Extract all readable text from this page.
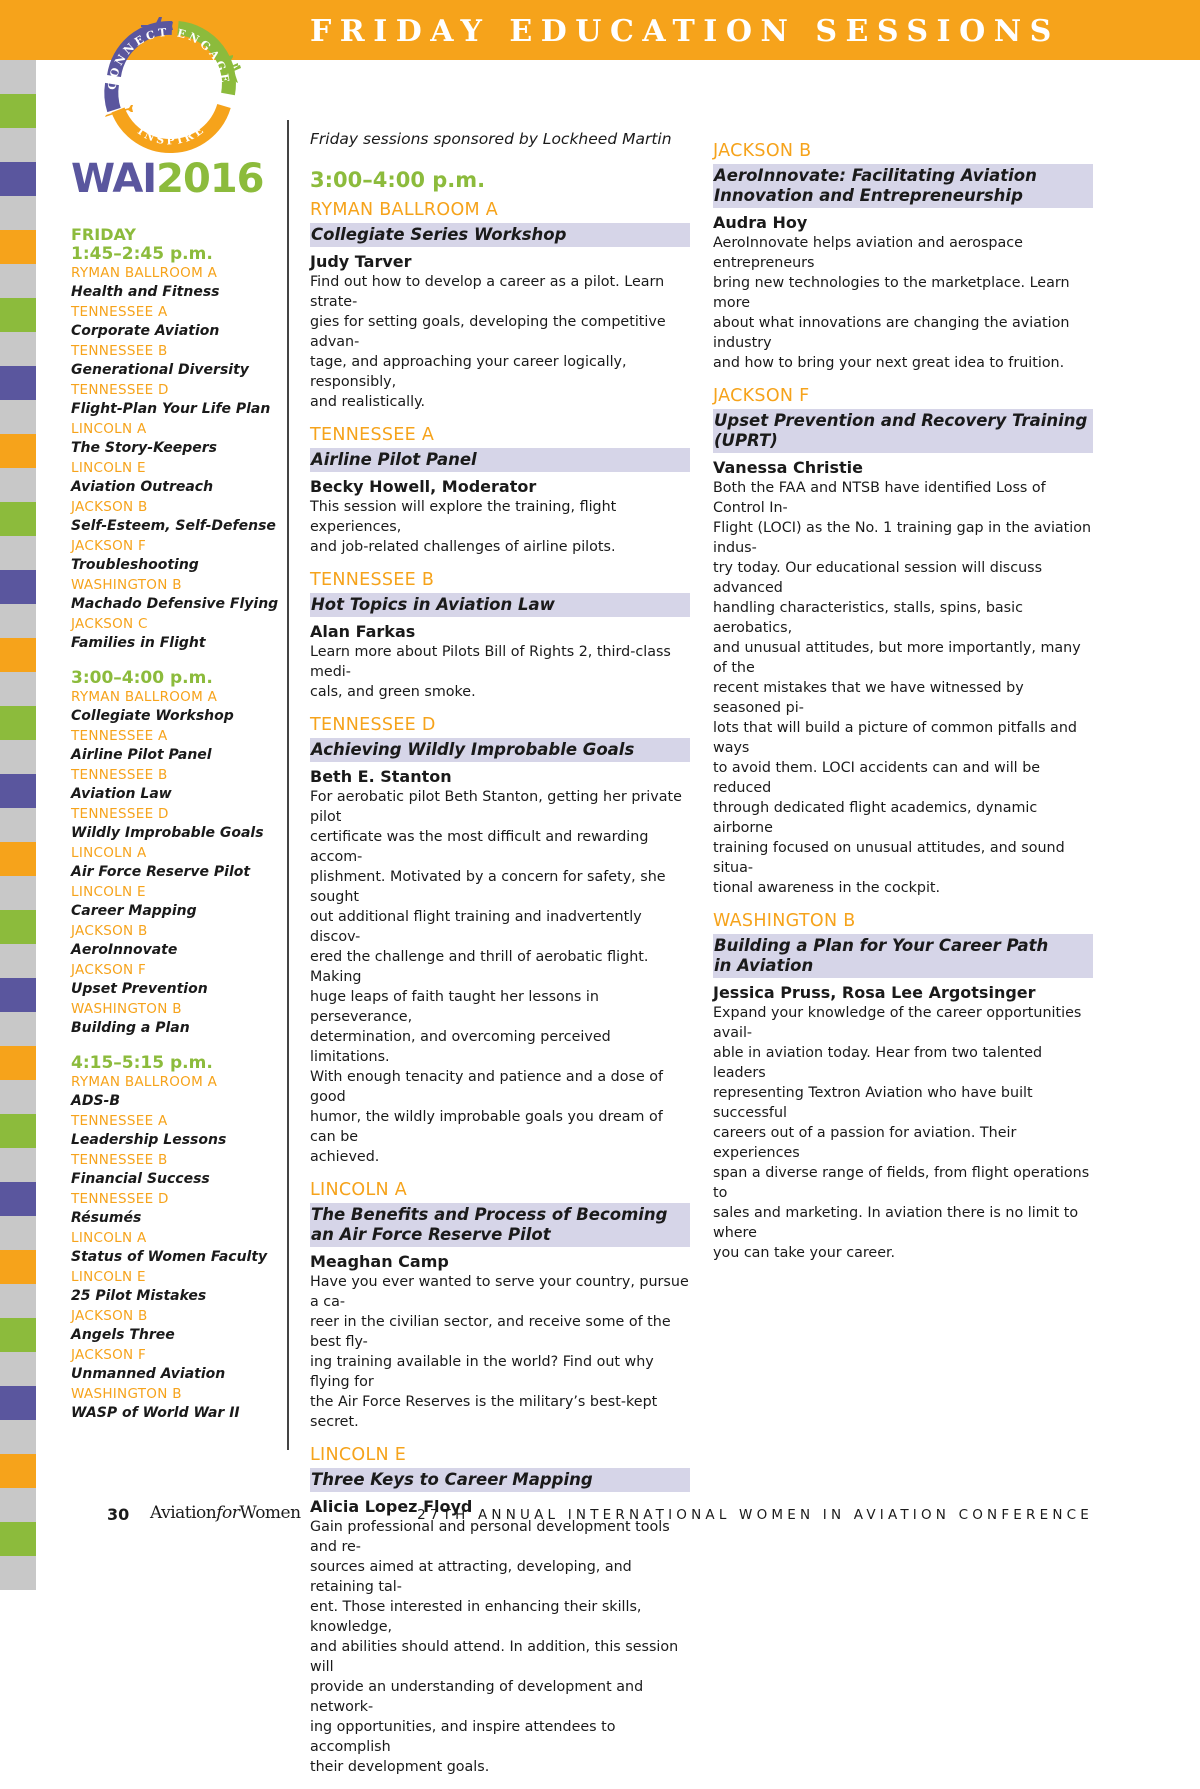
FRIDAY EDUCATION SESSIONS
CONNECT ENGAGE
INSPIRE
WAI2016
FRIDAY
1:45–2:45 p.m.
RYMAN BALLROOM A
Health and Fitness
TENNESSEE A
Corporate Aviation
TENNESSEE B
Generational Diversity
TENNESSEE D
Flight-Plan Your Life Plan
LINCOLN A
The Story-Keepers
LINCOLN E
Aviation Outreach
JACKSON B
Self-Esteem, Self-Defense
JACKSON F
Troubleshooting
WASHINGTON B
Machado Defensive Flying
JACKSON C
Families in Flight
3:00–4:00 p.m.
RYMAN BALLROOM A
Collegiate Workshop
TENNESSEE A
Airline Pilot Panel
TENNESSEE B
Aviation Law
TENNESSEE D
Wildly Improbable Goals
LINCOLN A
Air Force Reserve Pilot
LINCOLN E
Career Mapping
JACKSON B
AeroInnovate
JACKSON F
Upset Prevention
WASHINGTON B
Building a Plan
4:15–5:15 p.m.
RYMAN BALLROOM A
ADS-B
TENNESSEE A
Leadership Lessons
TENNESSEE B
Financial Success
TENNESSEE D
Résumés
LINCOLN A
Status of Women Faculty
LINCOLN E
25 Pilot Mistakes
JACKSON B
Angels Three
JACKSON F
Unmanned Aviation
WASHINGTON B
WASP of World War II
Friday sessions sponsored by Lockheed Martin
3:00–4:00 p.m.
RYMAN BALLROOM A
Collegiate Series Workshop
Judy Tarver
Find out how to develop a career as a pilot. Learn strate-
gies for setting goals, developing the competitive advan-
tage, and approaching your career logically, responsibly,
and realistically.
TENNESSEE A
Airline Pilot Panel
Becky Howell, Moderator
This session will explore the training, flight experiences,
and job-related challenges of airline pilots.
TENNESSEE B
Hot Topics in Aviation Law
Alan Farkas
Learn more about Pilots Bill of Rights 2, third-class medi-
cals, and green smoke.
TENNESSEE D
Achieving Wildly Improbable Goals
Beth E. Stanton
For aerobatic pilot Beth Stanton, getting her private pilot
certificate was the most difficult and rewarding accom-
plishment. Motivated by a concern for safety, she sought
out additional flight training and inadvertently discov-
ered the challenge and thrill of aerobatic flight. Making
huge leaps of faith taught her lessons in perseverance,
determination, and overcoming perceived limitations.
With enough tenacity and patience and a dose of good
humor, the wildly improbable goals you dream of can be
achieved.
LINCOLN A
The Benefits and Process of Becoming
an Air Force Reserve Pilot
Meaghan Camp
Have you ever wanted to serve your country, pursue a ca-
reer in the civilian sector, and receive some of the best fly-
ing training available in the world? Find out why flying for
the Air Force Reserves is the military’s best-kept secret.
LINCOLN E
Three Keys to Career Mapping
Alicia Lopez Floyd
Gain professional and personal development tools and re-
sources aimed at attracting, developing, and retaining tal-
ent. Those interested in enhancing their skills, knowledge,
and abilities should attend. In addition, this session will
provide an understanding of development and network-
ing opportunities, and inspire attendees to accomplish
their development goals.
JACKSON B
AeroInnovate: Facilitating Aviation
Innovation and Entrepreneurship
Audra Hoy
AeroInnovate helps aviation and aerospace entrepreneurs
bring new technologies to the marketplace. Learn more
about what innovations are changing the aviation industry
and how to bring your next great idea to fruition.
JACKSON F
Upset Prevention and Recovery Training
(UPRT)
Vanessa Christie
Both the FAA and NTSB have identified Loss of Control In-
Flight (LOCI) as the No. 1 training gap in the aviation indus-
try today. Our educational session will discuss advanced
handling characteristics, stalls, spins, basic aerobatics,
and unusual attitudes, but more importantly, many of the
recent mistakes that we have witnessed by seasoned pi-
lots that will build a picture of common pitfalls and ways
to avoid them. LOCI accidents can and will be reduced
through dedicated flight academics, dynamic airborne
training focused on unusual attitudes, and sound situa-
tional awareness in the cockpit.
WASHINGTON B
Building a Plan for Your Career Path
in Aviation
Jessica Pruss, Rosa Lee Argotsinger
Expand your knowledge of the career opportunities avail-
able in aviation today. Hear from two talented leaders
representing Textron Aviation who have built successful
careers out of a passion for aviation. Their experiences
span a diverse range of fields, from flight operations to
sales and marketing. In aviation there is no limit to where
you can take your career.
30 AviationforWomen	27TH ANNUAL INTERNATIONAL WOMEN IN AVIATION CONFERENCE
